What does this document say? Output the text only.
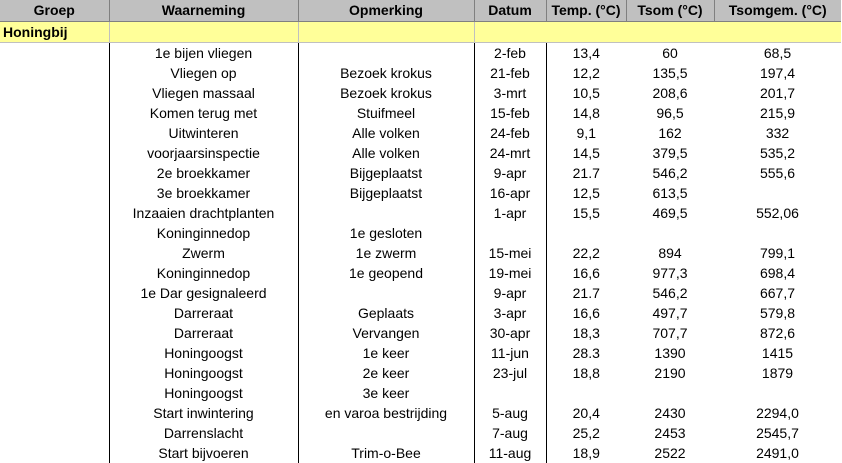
Groep	Waarneming	Opmerking	Datum	Temp. (°C)	Tsom (°C)	Tsomgem. (°C)
Honingbij						
	1e bijen vliegen		2-feb	13,4	60	68,5
	Vliegen op	Bezoek krokus	21-feb	12,2	135,5	197,4
	Vliegen massaal	Bezoek krokus	3-mrt	10,5	208,6	201,7
	Komen terug met	Stuifmeel	15-feb	14,8	96,5	215,9
	Uitwinteren	Alle volken	24-feb	9,1	162	332
	voorjaarsinspectie	Alle volken	24-mrt	14,5	379,5	535,2
	2e broekkamer	Bijgeplaatst	9-apr	21.7	546,2	555,6
	3e broekkamer	Bijgeplaatst	16-apr	12,5	613,5	
	Inzaaien drachtplanten		1-apr	15,5	469,5	552,06
	Koninginnedop	1e gesloten				
	Zwerm	1e zwerm	15-mei	22,2	894	799,1
	Koninginnedop	1e geopend	19-mei	16,6	977,3	698,4
	1e Dar gesignaleerd		9-apr	21.7	546,2	667,7
	Darreraat	Geplaats	3-apr	16,6	497,7	579,8
	Darreraat	Vervangen	30-apr	18,3	707,7	872,6
	Honingoogst	1e keer	11-jun	28.3	1390	1415
	Honingoogst	2e keer	23-jul	18,8	2190	1879
	Honingoogst	3e keer				
	Start inwintering	en varoa bestrijding	5-aug	20,4	2430	2294,0
	Darrenslacht		7-aug	25,2	2453	2545,7
	Start bijvoeren	Trim-o-Bee	11-aug	18,9	2522	2491,0
